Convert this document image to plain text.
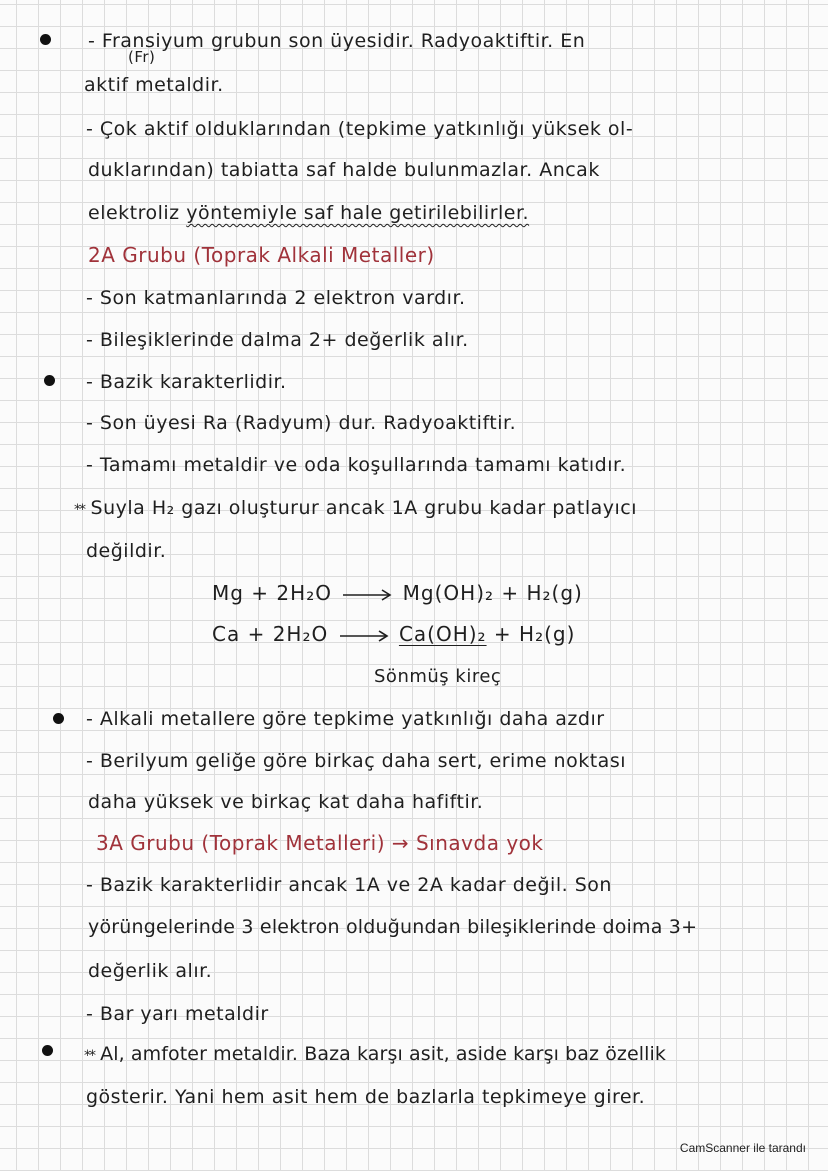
- Fransiyum grubun son üyesidir. Radyoaktiftir. En
(Fr)
aktif metaldir.
- Çok aktif olduklarından (tepkime yatkınlığı yüksek ol-
duklarından) tabiatta saf halde bulunmazlar. Ancak
elektroliz yöntemiyle saf hale getirilebilirler.
2A Grubu (Toprak Alkali Metaller)
- Son katmanlarında 2 elektron vardır.
- Bileşiklerinde dalma 2+ değerlik alır.
- Bazik karakterlidir.
- Son üyesi Ra (Radyum) dur. Radyoaktiftir.
- Tamamı metaldir ve oda koşullarında tamamı katıdır.
** Suyla H₂ gazı oluşturur ancak 1A grubu kadar patlayıcı
değildir.
Mg + 2H₂O → Mg(OH)₂ + H₂(g)
Ca + 2H₂O → Ca(OH)₂ + H₂(g)
Sönmüş kireç
- Alkali metallere göre tepkime yatkınlığı daha azdır
- Berilyum geliğe göre birkaç daha sert, erime noktası
daha yüksek ve birkaç kat daha hafiftir.
3A Grubu (Toprak Metalleri) → Sınavda yok
- Bazik karakterlidir ancak 1A ve 2A kadar değil. Son
yörüngelerinde 3 elektron olduğundan bileşiklerinde doima 3+
değerlik alır.
- Bar yarı metaldir
** Al, amfoter metaldir. Baza karşı asit, aside karşı baz özellik
gösterir. Yani hem asit hem de bazlarla tepkimeye girer.
CamScanner ile tarandı
